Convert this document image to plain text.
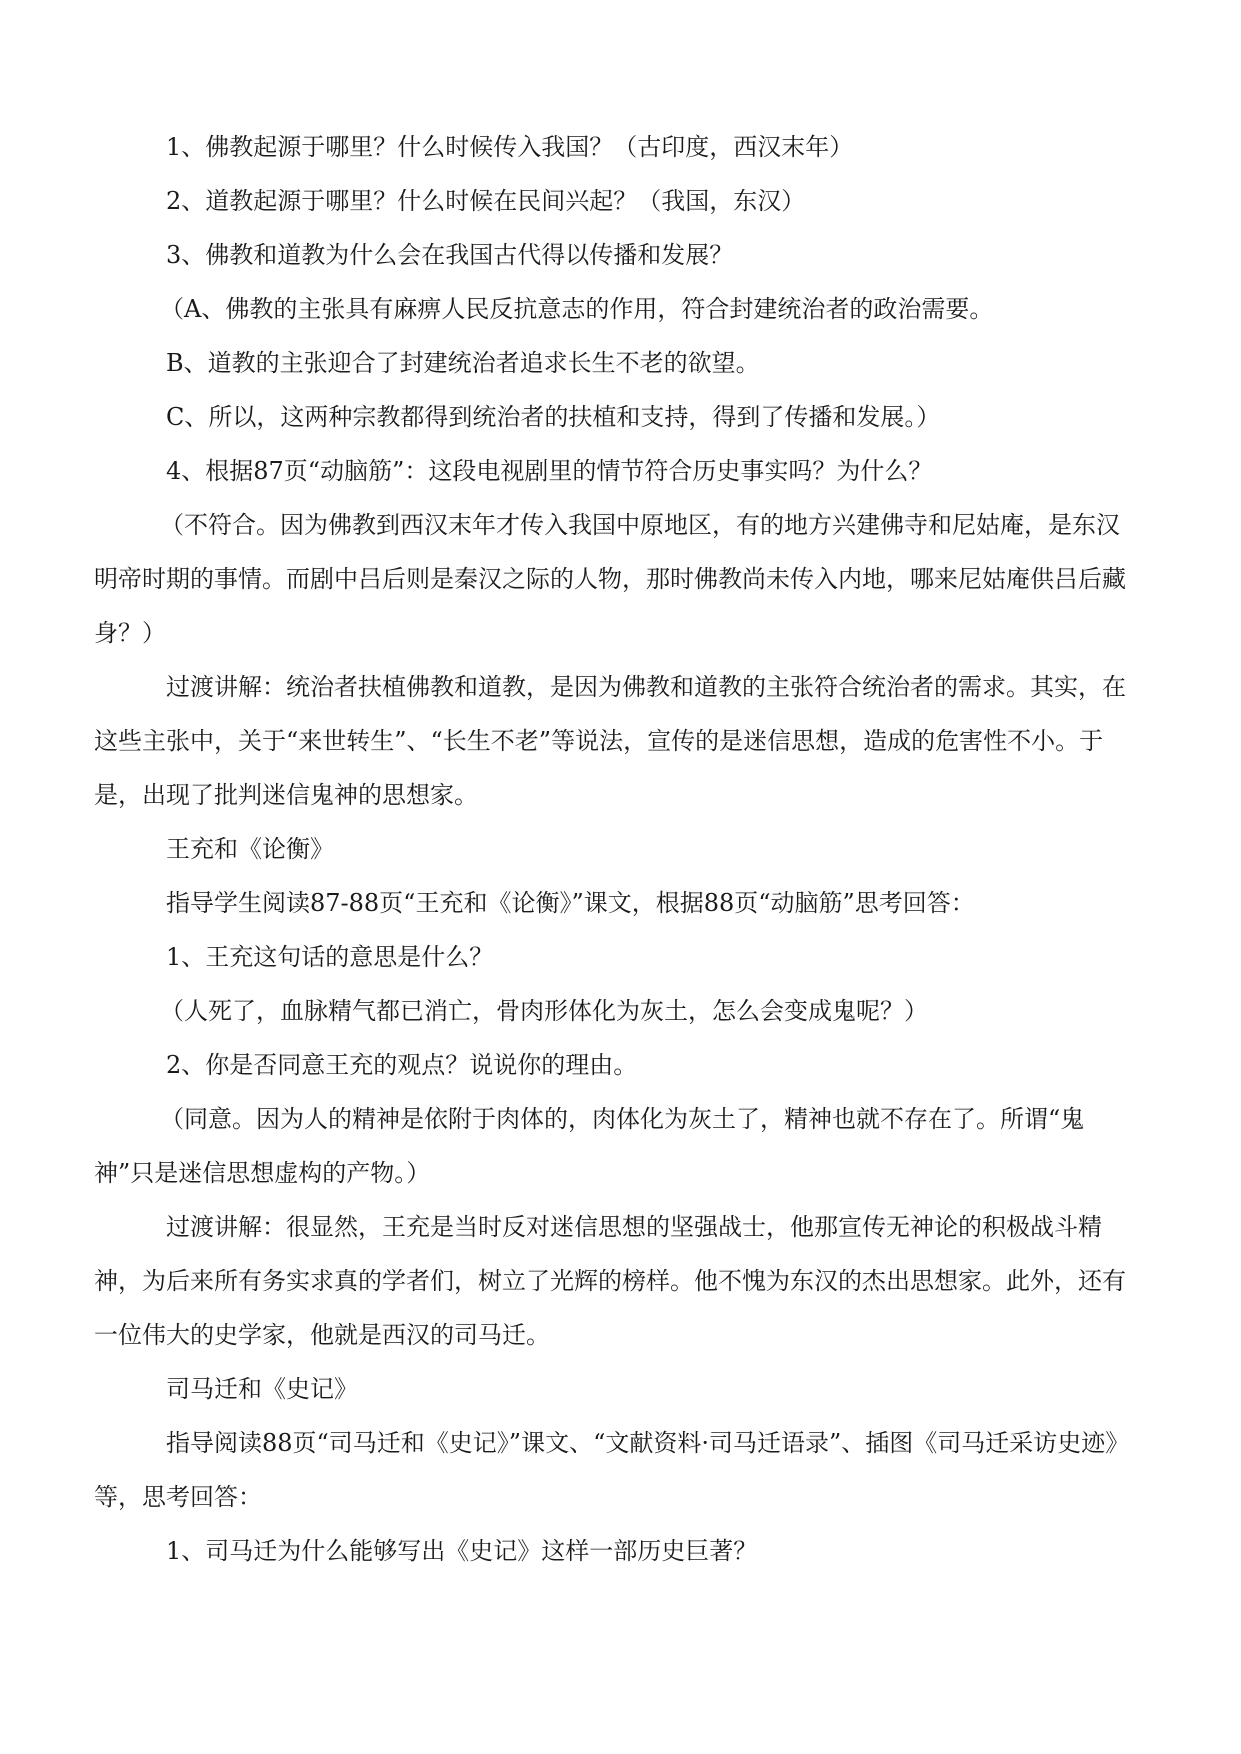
1、佛教起源于哪里？什么时候传入我国？（古印度，西汉末年）

2、道教起源于哪里？什么时候在民间兴起？（我国，东汉）

3、佛教和道教为什么会在我国古代得以传播和发展？

（A、佛教的主张具有麻痹人民反抗意志的作用，符合封建统治者的政治需要。

B、道教的主张迎合了封建统治者追求长生不老的欲望。

C、所以，这两种宗教都得到统治者的扶植和支持，得到了传播和发展。）

4、根据87页“动脑筋”：这段电视剧里的情节符合历史事实吗？为什么？

（不符合。因为佛教到西汉末年才传入我国中原地区，有的地方兴建佛寺和尼姑庵，是东汉明帝时期的事情。而剧中吕后则是秦汉之际的人物，那时佛教尚未传入内地，哪来尼姑庵供吕后藏身？）

过渡讲解：统治者扶植佛教和道教，是因为佛教和道教的主张符合统治者的需求。其实，在这些主张中，关于“来世转生”、“长生不老”等说法，宣传的是迷信思想，造成的危害性不小。于是，出现了批判迷信鬼神的思想家。

王充和《论衡》

指导学生阅读87-88页“王充和《论衡》”课文，根据88页“动脑筋”思考回答：

1、王充这句话的意思是什么？

（人死了，血脉精气都已消亡，骨肉形体化为灰土，怎么会变成鬼呢？）

2、你是否同意王充的观点？说说你的理由。

（同意。因为人的精神是依附于肉体的，肉体化为灰土了，精神也就不存在了。所谓“鬼神”只是迷信思想虚构的产物。）

过渡讲解：很显然，王充是当时反对迷信思想的坚强战士，他那宣传无神论的积极战斗精神，为后来所有务实求真的学者们，树立了光辉的榜样。他不愧为东汉的杰出思想家。此外，还有一位伟大的史学家，他就是西汉的司马迁。

司马迁和《史记》

指导阅读88页“司马迁和《史记》”课文、“文献资料·司马迁语录”、插图《司马迁采访史迹》等，思考回答：

1、司马迁为什么能够写出《史记》这样一部历史巨著？
